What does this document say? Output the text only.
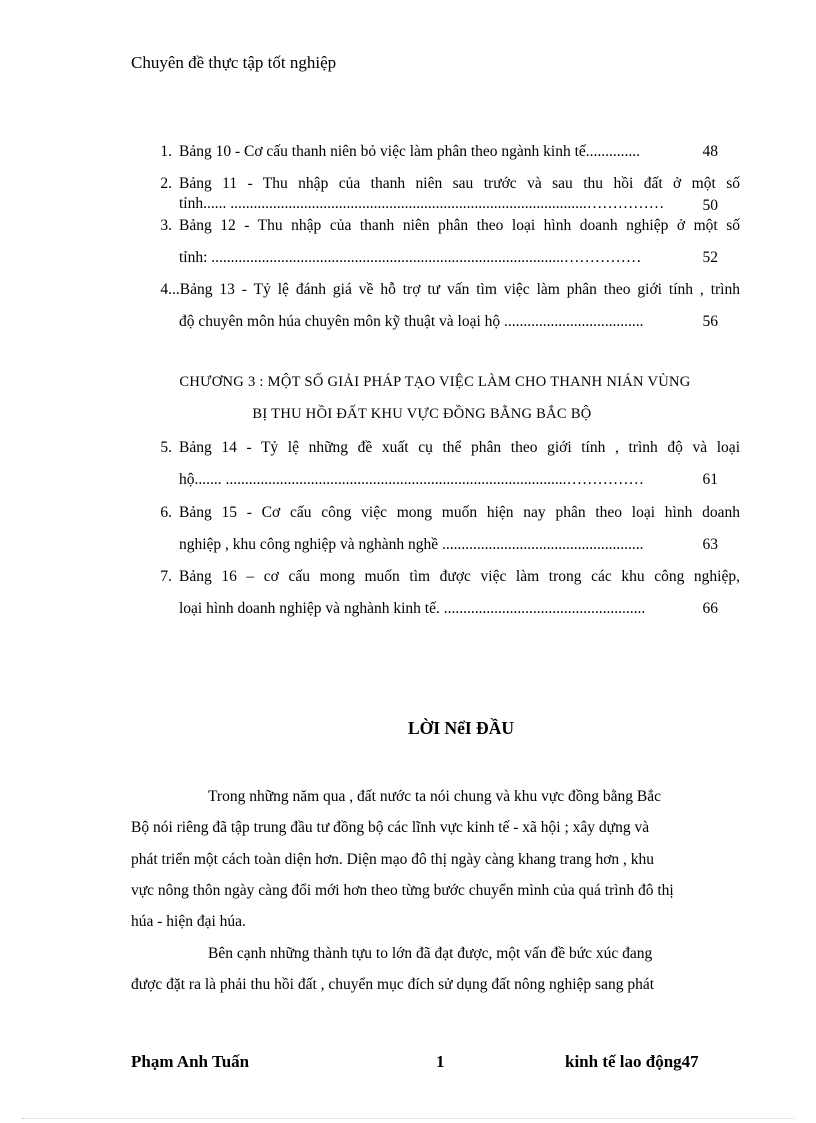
Chuyên đề thực tập tốt nghiệp
1. Bảng 10 - Cơ cấu thanh niên bỏ việc làm phân theo ngành kinh tế..............	48
2. Bảng 11 - Thu nhập của thanh niên sau trước và sau thu hồi đất ở một số
tỉnh...... ............................................................................................……………	50
3. Bảng 12 - Thu nhập của thanh niên phân theo loại hình doanh nghiệp ở một số
tỉnh: ...........................................................................................……………	52
4. ..Bảng 13 - Tỷ lệ đánh giá về hỗ trợ tư vấn tìm việc làm phân theo giới tính , trình
độ chuyên môn húa chuyên môn kỹ thuật và loại hộ ....................................	56
CHƯƠNG 3 : MỘT SỐ GIẢI PHÁP TẠO VIỆC LÀM CHO THANH NIÁN VÙNG
BỊ THU HỒI ĐẤT KHU VỰC ĐỒNG BẰNG BẮC BỘ
5. Bảng 14 - Tỷ lệ những đề xuất cụ thể phân theo giới tính , trình độ và loại
hộ....... ........................................................................................……………	61
6. Bảng 15 - Cơ cấu công việc mong muốn hiện nay phân theo loại hình doanh
nghiệp , khu công nghiệp và nghành nghề ....................................................	63
7. Bảng 16 – cơ cấu mong muốn tìm được việc làm trong các khu công nghiệp,
loại hình doanh nghiệp và nghành kinh tế. ....................................................	66
LỜI NểI ĐẦU
Trong những năm qua , đất nước ta nói chung và khu vực đồng bằng Bắc
Bộ nói riêng đã tập trung đầu tư đồng bộ các lĩnh vực kinh tế - xã hội ; xây dựng và
phát triển một cách toàn diện hơn. Diện mạo đô thị ngày càng khang trang hơn , khu
vực nông thôn ngày càng đổi mới hơn theo từng bước chuyển mình của quá trình đô thị
húa - hiện đại húa.
Bên cạnh những thành tựu to lớn đã đạt được, một vấn đề bức xúc đang
được đặt ra là phải thu hồi đất , chuyển mục đích sử dụng đất nông nghiệp sang phát
Phạm Anh Tuấn	1	kinh tế lao động47
